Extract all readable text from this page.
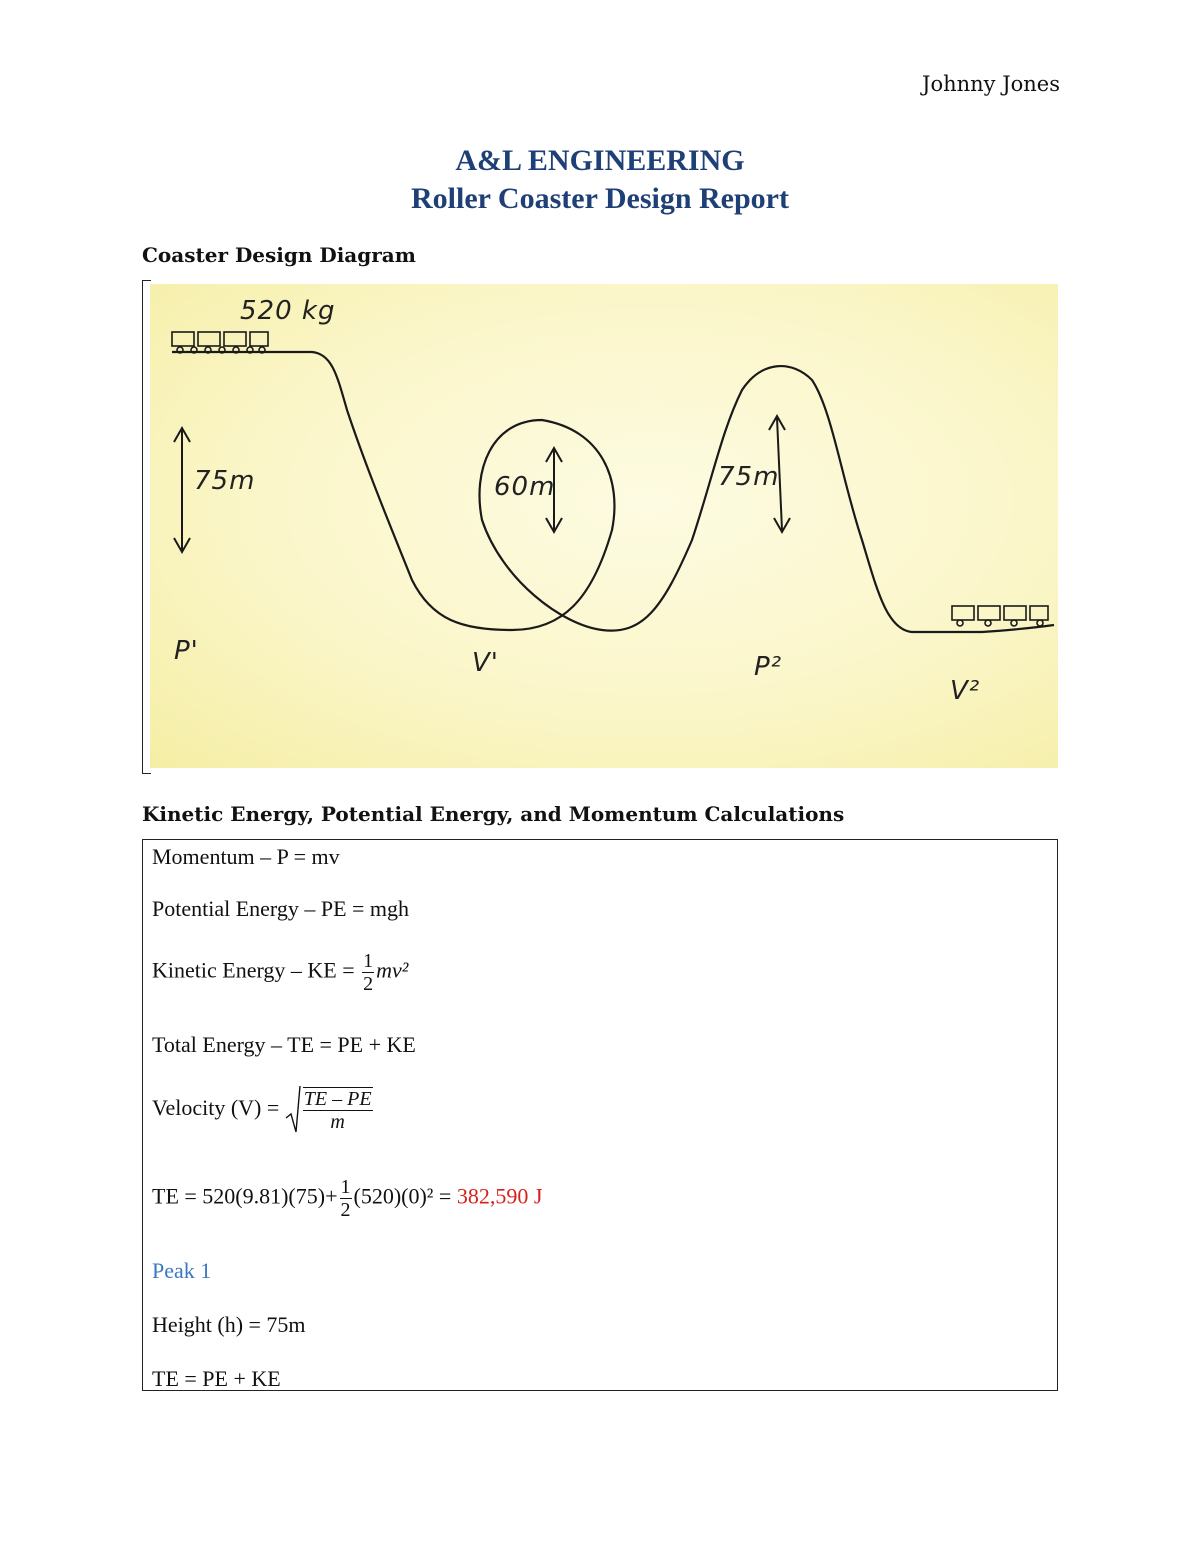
Johnny Jones
A&L ENGINEERING
Roller Coaster Design Report
Coaster Design Diagram
520 kg
75m	60m	75m
P'	V'	P²
V²
Kinetic Energy, Potential Energy, and Momentum Calculations
Momentum – P = mv
Potential Energy – PE = mgh
Kinetic Energy – KE = $\frac{1}{2} mv^2$
Total Energy – TE = PE + KE
Velocity $(V) = \frac{TE - PE}{m}$
TE = $520(9.81)(75)+ \frac{1}{2} (520)(0)^2 = 382,590$ J
Peak 1
Height (h) = 75m
TE = PE + KE
